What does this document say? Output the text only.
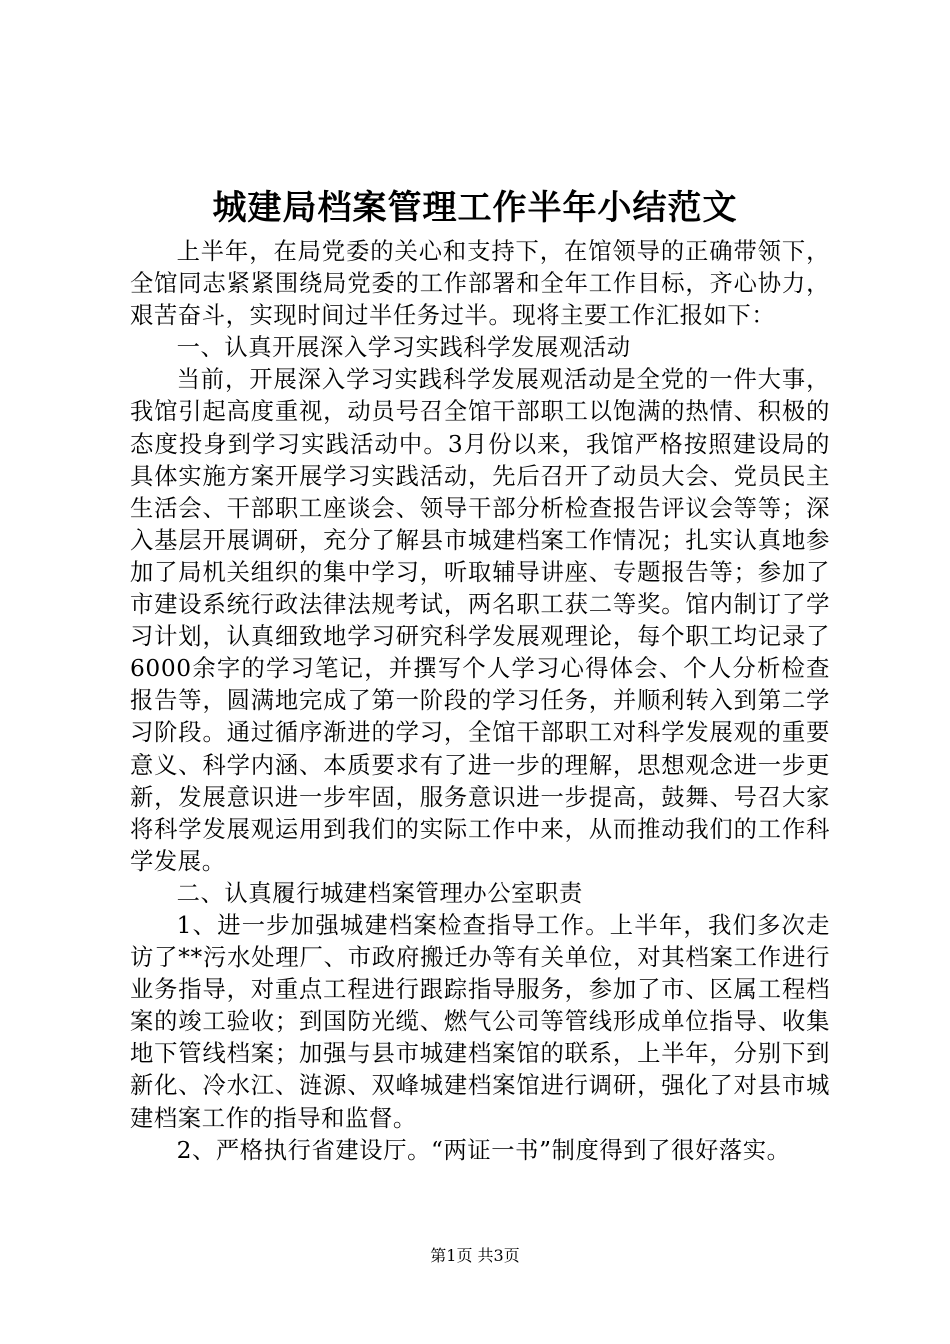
城建局档案管理工作半年小结范文

上半年，在局党委的关心和支持下，在馆领导的正确带领下，全馆同志紧紧围绕局党委的工作部署和全年工作目标，齐心协力，艰苦奋斗，实现时间过半任务过半。现将主要工作汇报如下：

一、认真开展深入学习实践科学发展观活动

当前，开展深入学习实践科学发展观活动是全党的一件大事，我馆引起高度重视，动员号召全馆干部职工以饱满的热情、积极的态度投身到学习实践活动中。3月份以来，我馆严格按照建设局的具体实施方案开展学习实践活动，先后召开了动员大会、党员民主生活会、干部职工座谈会、领导干部分析检查报告评议会等等；深入基层开展调研，充分了解县市城建档案工作情况；扎实认真地参加了局机关组织的集中学习，听取辅导讲座、专题报告等；参加了市建设系统行政法律法规考试，两名职工获二等奖。馆内制订了学习计划，认真细致地学习研究科学发展观理论，每个职工均记录了6000余字的学习笔记，并撰写个人学习心得体会、个人分析检查报告等，圆满地完成了第一阶段的学习任务，并顺利转入到第二学习阶段。通过循序渐进的学习，全馆干部职工对科学发展观的重要意义、科学内涵、本质要求有了进一步的理解，思想观念进一步更新，发展意识进一步牢固，服务意识进一步提高，鼓舞、号召大家将科学发展观运用到我们的实际工作中来，从而推动我们的工作科学发展。

二、认真履行城建档案管理办公室职责

1、进一步加强城建档案检查指导工作。上半年，我们多次走访了**污水处理厂、市政府搬迁办等有关单位，对其档案工作进行业务指导，对重点工程进行跟踪指导服务，参加了市、区属工程档案的竣工验收；到国防光缆、燃气公司等管线形成单位指导、收集地下管线档案；加强与县市城建档案馆的联系，上半年，分别下到新化、冷水江、涟源、双峰城建档案馆进行调研，强化了对县市城建档案工作的指导和监督。

2、严格执行省建设厅。“两证一书”制度得到了很好落实。

第1页 共3页
